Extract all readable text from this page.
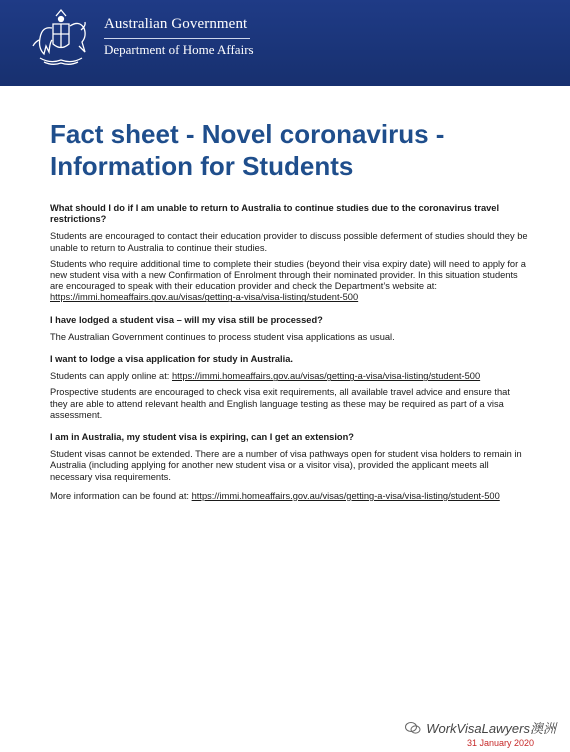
Australian Government
Department of Home Affairs
Fact sheet - Novel coronavirus - Information for Students

What should I do if I am unable to return to Australia to continue studies due to the coronavirus travel restrictions?

Students are encouraged to contact their education provider to discuss possible deferment of studies should they be unable to return to Australia to continue their studies.

Students who require additional time to complete their studies (beyond their visa expiry date) will need to apply for a new student visa with a new Confirmation of Enrolment through their nominated provider. In this situation students are encouraged to speak with their education provider and check the Department’s website at: https://immi.homeaffairs.gov.au/visas/getting-a-visa/visa-listing/student-500

I have lodged a student visa – will my visa still be processed?

The Australian Government continues to process student visa applications as usual.

I want to lodge a visa application for study in Australia.

Students can apply online at: https://immi.homeaffairs.gov.au/visas/getting-a-visa/visa-listing/student-500

Prospective students are encouraged to check visa exit requirements, all available travel advice and ensure that they are able to attend relevant health and English language testing as these may be required as part of a visa assessment.

I am in Australia, my student visa is expiring, can I get an extension?

Student visas cannot be extended. There are a number of visa pathways open for student visa holders to remain in Australia (including applying for another new student visa or a visitor visa), provided the applicant meets all necessary visa requirements.

More information can be found at: https://immi.homeaffairs.gov.au/visas/getting-a-visa/visa-listing/student-500

WorkVisaLawyers澳洲
31 January 2020
